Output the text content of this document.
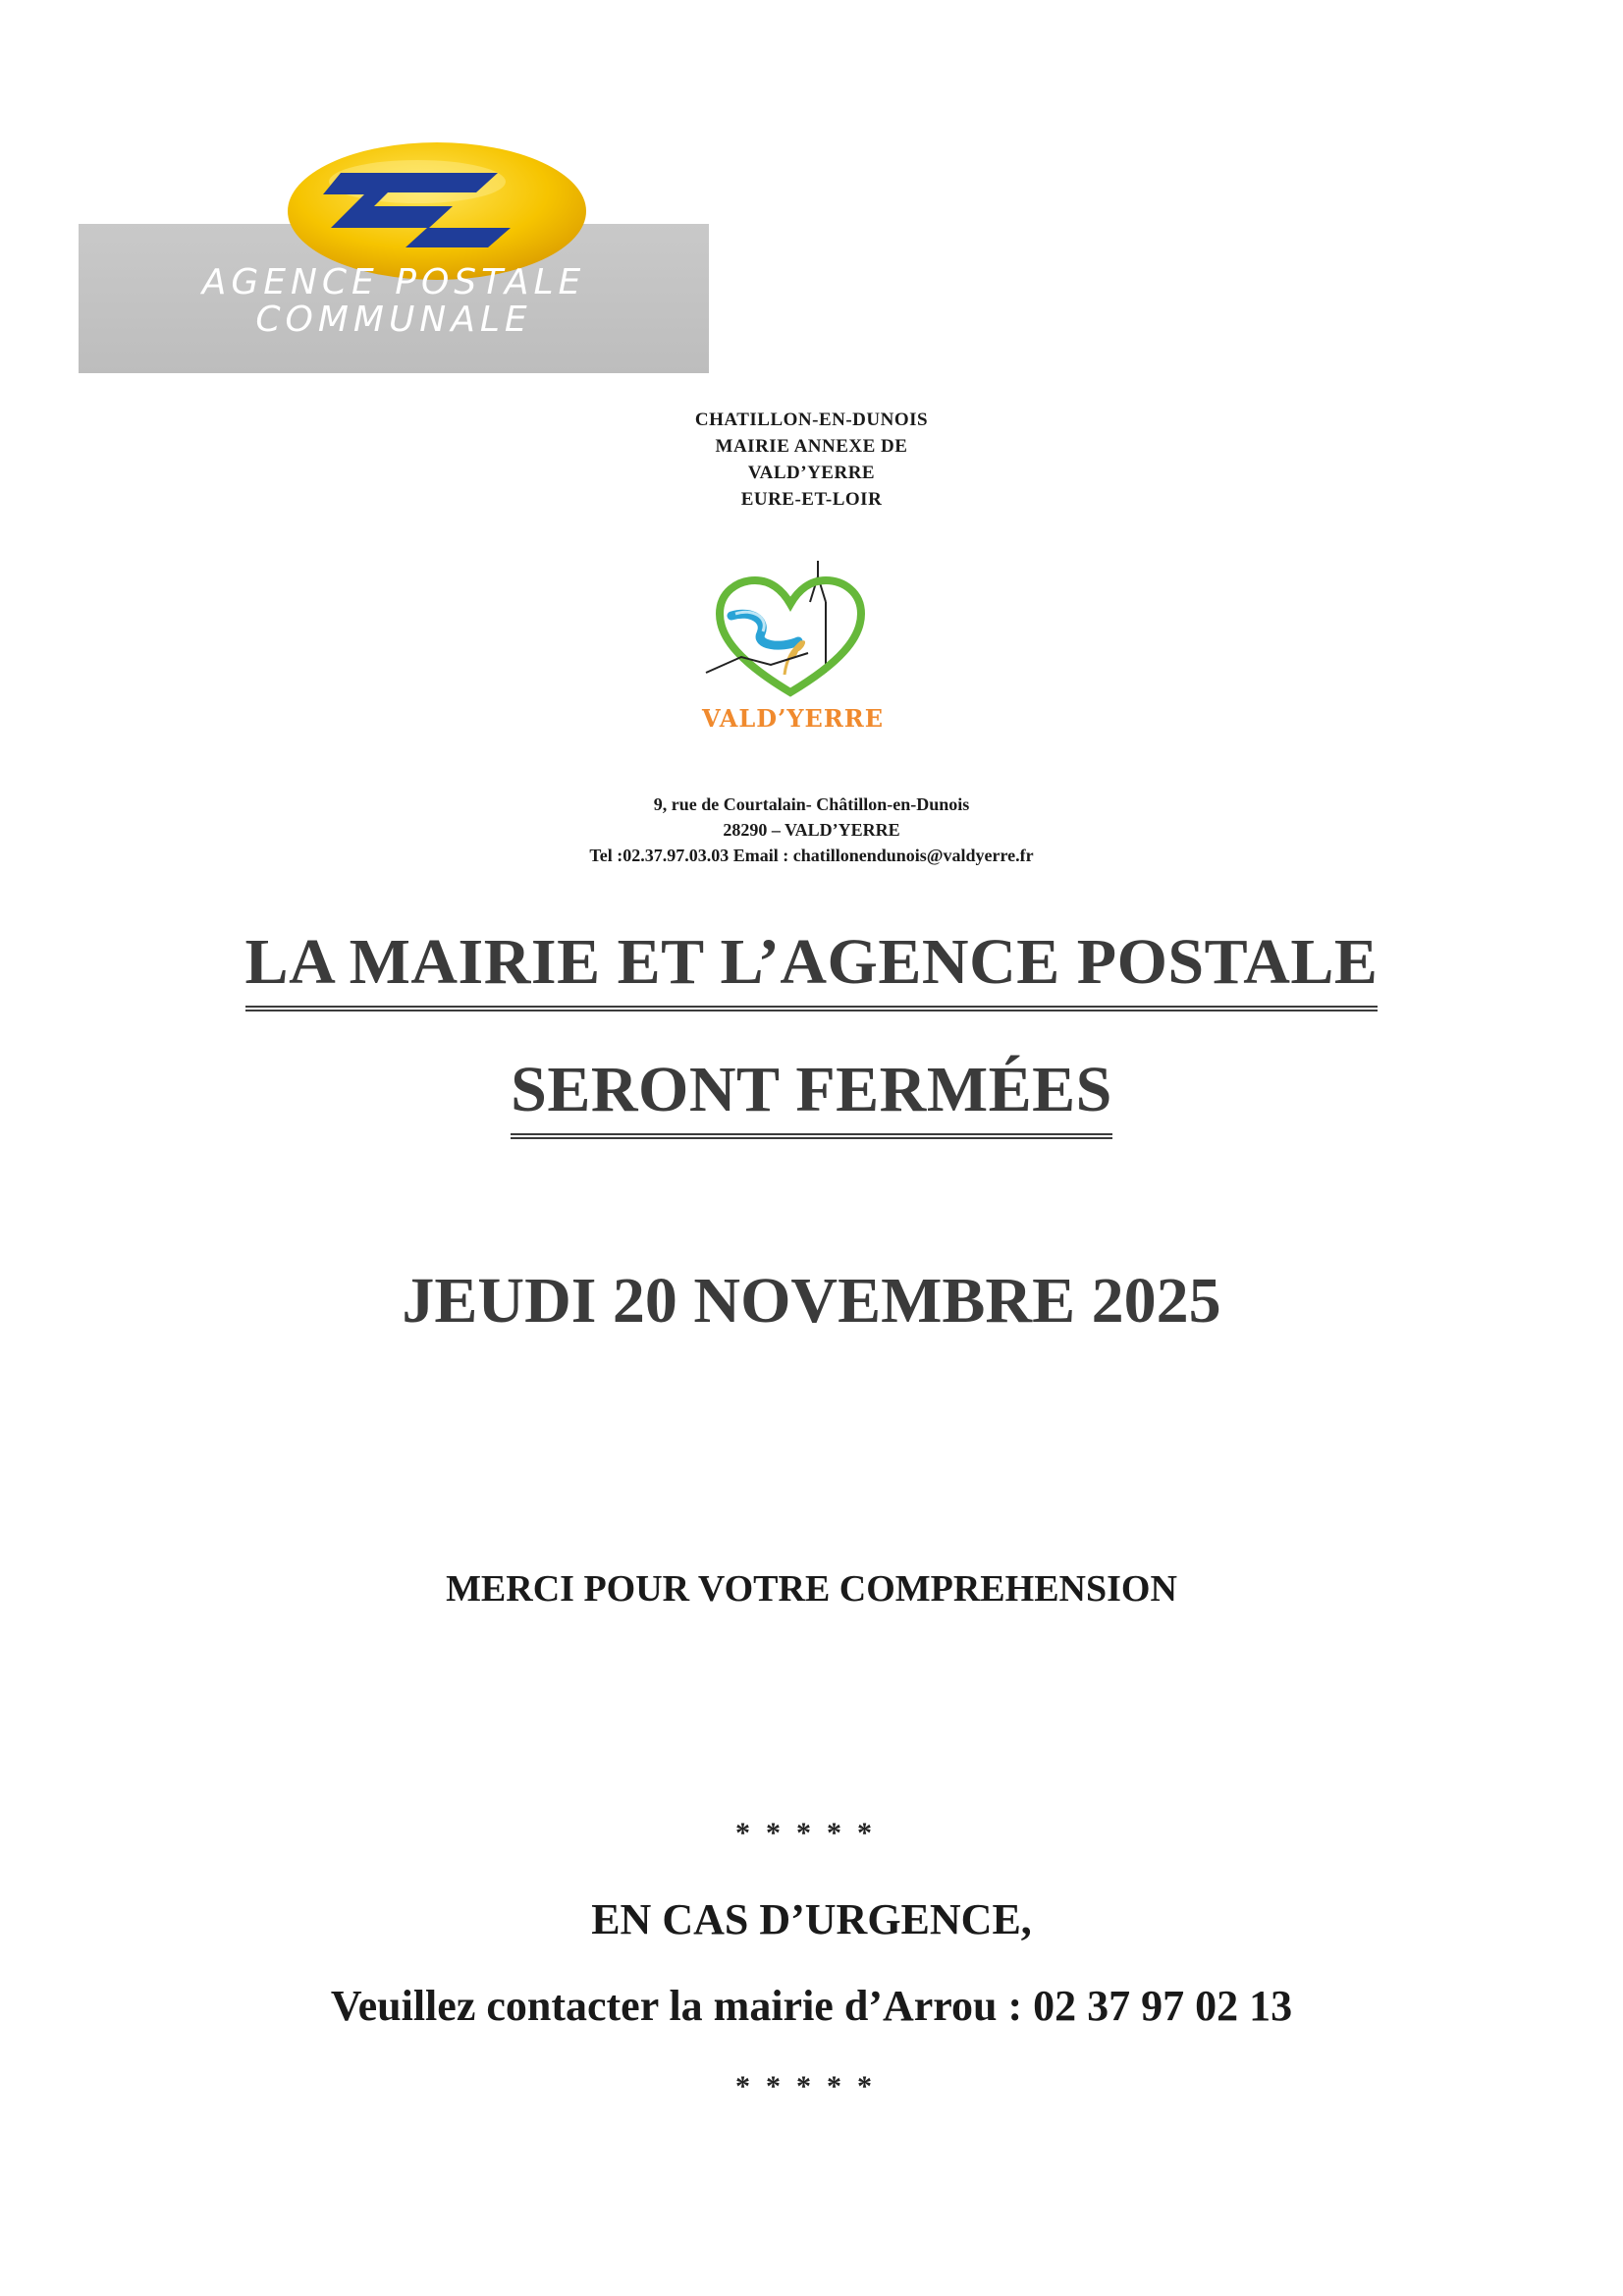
AGENCE POSTALE
COMMUNALE
CHATILLON-EN-DUNOIS
MAIRIE ANNEXE DE
VALD’YERRE
EURE-ET-LOIR
VALD’YERRE
9, rue de Courtalain- Châtillon-en-Dunois
28290 – VALD’YERRE
Tel :02.37.97.03.03 Email : chatillonendunois@valdyerre.fr
LA MAIRIE ET L’AGENCE POSTALE
SERONT FERMÉES
JEUDI 20 NOVEMBRE 2025
MERCI POUR VOTRE COMPREHENSION
*****
EN CAS D’URGENCE,
Veuillez contacter la mairie d’Arrou : 02 37 97 02 13
*****
